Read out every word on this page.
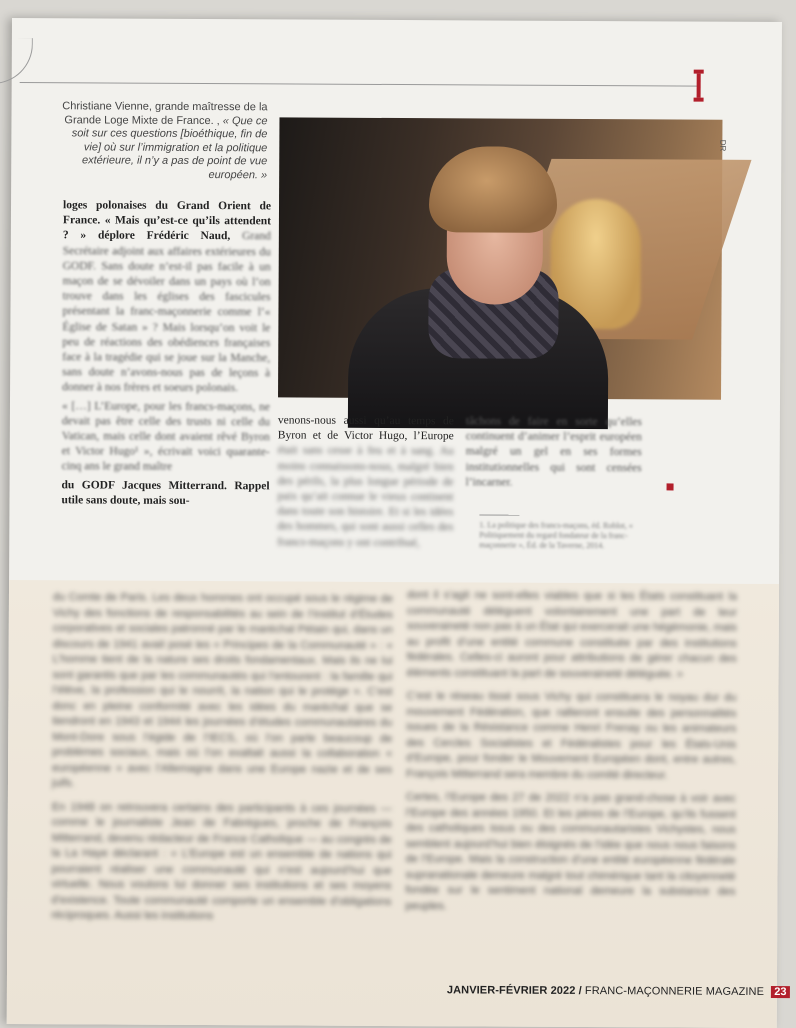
Christiane Vienne, grande maîtresse de la Grande Loge Mixte de France. , « Que ce soit sur ces questions [bioéthique, fin de vie] où sur l’immigration et la politique extérieure, il n’y a pas de point de vue européen. »
DR

loges polonaises du Grand Orient de France. « Mais qu’est-ce qu’ils attendent ? » déplore Frédéric Naud, Grand Secrétaire adjoint aux affaires extérieures du GODF. Sans doute n’est-il pas facile à un maçon de se dévoiler dans un pays où l’on trouve dans les églises des fascicules présentant la franc-maçonnerie comme l’« Église de Satan » ? Mais lorsqu’on voit le peu de réactions des obédiences françaises face à la tragédie qui se joue sur la Manche, sans doute n’avons-nous pas de leçons à donner à nos frères et soeurs polonais.

« […] L’Europe, pour les francs-maçons, ne devait pas être celle des trusts ni celle du Vatican, mais celle dont avaient rêvé Byron et Victor Hugo¹ », écrivait voici quarante-cinq ans le grand maître

du GODF Jacques Mitterrand. Rappel utile sans doute, mais sou-

venons-nous aussi qu’au temps de Byron et de Victor Hugo, l’Europe était sans cesse à feu et à sang. Au moins connaissons-nous, malgré bien des périls, la plus longue période de paix qu’ait connue le vieux continent dans toute son histoire. Et si les idées des hommes, qui sont aussi celles des francs-maçons y ont contribué,

tâchons de faire en sorte qu’elles continuent d’animer l’esprit européen malgré un gel en ses formes institutionnelles qui sont censées l’incarner.

1. La politique des francs-maçons, éd. Roblot, « Politiquement du regard fondateur de la franc-maçonnerie », Éd. de la Taverne, 2014.

du Comte de Paris. Les deux hommes ont occupé sous le régime de Vichy des fonctions de responsabilités au sein de l’Institut d’Études corporatives et sociales patronné par le maréchal Pétain qui, dans un discours de 1941 avait posé les « Principes de la Communauté » : « L’homme tient de la nature ses droits fondamentaux. Mais ils ne lui sont garantis que par les communautés qui l’entourent : la famille qui l’élève, la profession qui le nourrit, la nation qui le protège ». C’est donc en pleine conformité avec les idées du maréchal que se tiendront en 1943 et 1944 les journées d’études communautaires du Mont-Dore sous l’égide de l’IECS, où l’on parle beaucoup de problèmes sociaux, mais où l’on exaltait aussi la collaboration « européenne » avec l’Allemagne dans une Europe nazie et de ses juifs.

En 1948 on retrouvera certains des participants à ces journées — comme le journaliste Jean de Fabrègues, proche de François Mitterrand, devenu rédacteur de France Catholique — au congrès de la La Haye déclarant : « L’Europe est un ensemble de nations qui pourraient réaliser une communauté qui n’est aujourd’hui que virtuelle. Nous voulons lui donner ses institutions et ses moyens d’existence. Toute communauté comporte un ensemble d’obligations réciproques. Aussi les institutions

dont il s’agit ne sont-elles viables que si les États constituant la communauté délèguent volontairement une part de leur souveraineté non pas à un État qui exercerait une hégémonie, mais au profit d’une entité commune constituée par des institutions fédérales. Celles-ci auront pour attributions de gérer chacun des éléments constituant la part de souveraineté déléguée. »

C’est le réseau tissé sous Vichy qui constituera le noyau dur du mouvement Fédération, que rallieront ensuite des personnalités issues de la Résistance comme Henri Frenay ou les animateurs des Cercles Socialistes et Fédéralistes pour les États-Unis d’Europe, pour fonder le Mouvement Européen dont, entre autres, François Mitterrand sera membre du comité directeur.

Certes, l’Europe des 27 de 2022 n’a pas grand-chose à voir avec l’Europe des années 1950. Et les pères de l’Europe, qu’ils fussent des catholiques issus ou des communautaristes Vichystes, nous semblent aujourd’hui bien éloignés de l’idée que nous nous faisons de l’Europe. Mais la construction d’une entité européenne fédérale supranationale demeure malgré tout chimérique tant la citoyenneté fondée sur le sentiment national demeure la substance des peuples.

JANVIER-FÉVRIER 2022 / FRANC-MAÇONNERIE MAGAZINE 23
